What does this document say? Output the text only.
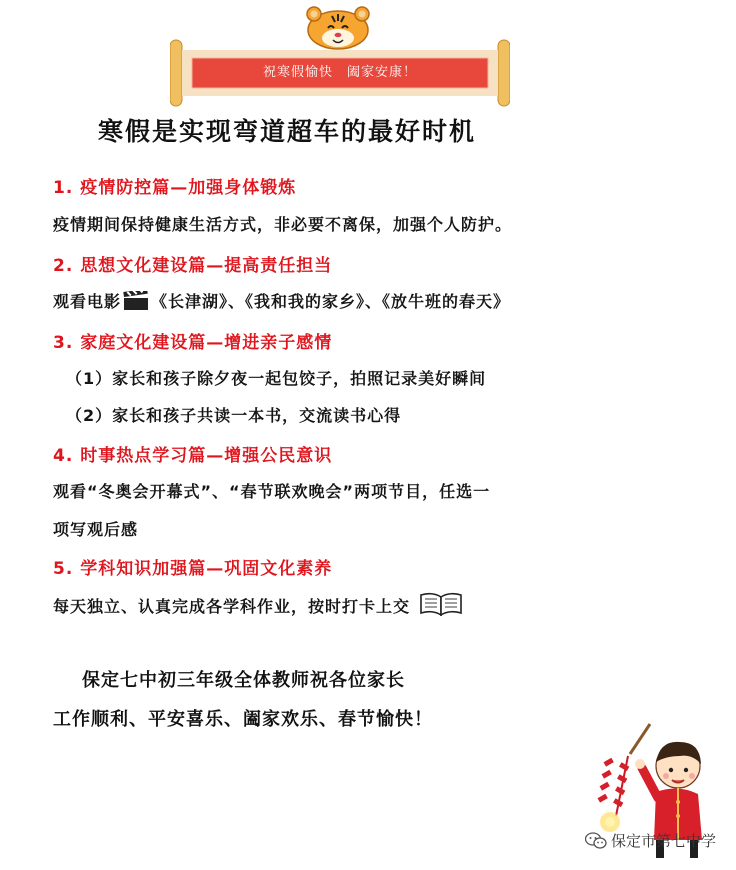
祝寒假愉快　阖家安康！
寒假是实现弯道超车的最好时机
1. 疫情防控篇—加强身体锻炼
疫情期间保持健康生活方式，非必要不离保，加强个人防护。
2. 思想文化建设篇—提高责任担当
观看电影 《长津湖》、《我和我的家乡》、《放牛班的春天》
3. 家庭文化建设篇—增进亲子感情
（1）家长和孩子除夕夜一起包饺子，拍照记录美好瞬间
（2）家长和孩子共读一本书，交流读书心得
4. 时事热点学习篇—增强公民意识
观看“冬奥会开幕式”、“春节联欢晚会”两项节目，任选一
项写观后感
5. 学科知识加强篇—巩固文化素养
每天独立、认真完成各学科作业，按时打卡上交
保定七中初三年级全体教师祝各位家长
工作顺利、平安喜乐、阖家欢乐、春节愉快！
保定市第七中学
